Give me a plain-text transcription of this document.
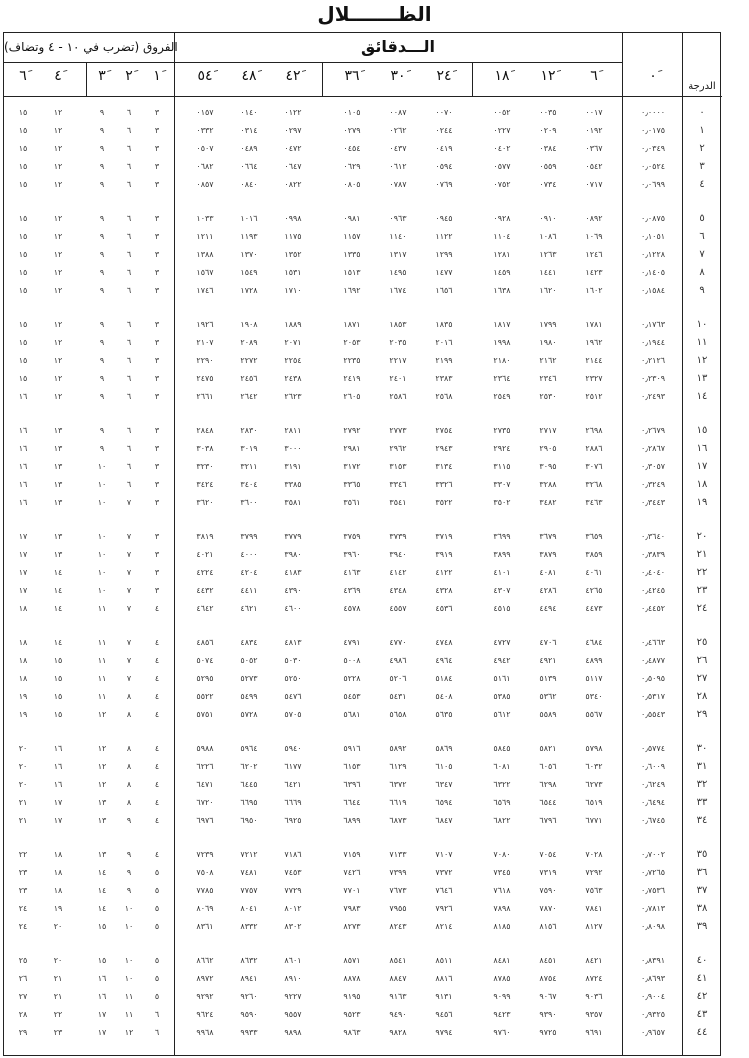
الظـــــــلال
الفروق (تضرب في ١٠ - ٤ وتضاف)	الـــدقائق
الدرجة
٦َ	٤َ	٣َ	٢َ	١َ	٥٤َ	٤٨َ	٤٢َ	٣٦َ	٣٠َ	٢٤َ	١٨َ	١٢َ	٦َ	٠َ
١٥	١٢	٩	٦	٣	٠١٥٧	٠١٤٠	٠١٢٢	٠١٠٥	٠٠٨٧	٠٠٧٠	٠٠٥٢	٠٠٣٥	٠٠١٧	٠٫٠٠٠٠	٠
١٥	١٢	٩	٦	٣	٠٣٣٢	٠٣١٤	٠٢٩٧	٠٢٧٩	٠٢٦٢	٠٢٤٤	٠٢٢٧	٠٢٠٩	٠١٩٢	٠٫٠١٧٥	١
١٥	١٢	٩	٦	٣	٠٥٠٧	٠٤٨٩	٠٤٧٢	٠٤٥٤	٠٤٣٧	٠٤١٩	٠٤٠٢	٠٣٨٤	٠٣٦٧	٠٫٠٣٤٩	٢
١٥	١٢	٩	٦	٣	٠٦٨٢	٠٦٦٤	٠٦٤٧	٠٦٢٩	٠٦١٢	٠٥٩٤	٠٥٧٧	٠٥٥٩	٠٥٤٢	٠٫٠٥٢٤	٣
١٥	١٢	٩	٦	٣	٠٨٥٧	٠٨٤٠	٠٨٢٢	٠٨٠٥	٠٧٨٧	٠٧٦٩	٠٧٥٢	٠٧٣٤	٠٧١٧	٠٫٠٦٩٩	٤
١٥	١٢	٩	٦	٣	١٠٣٣	١٠١٦	٠٩٩٨	٠٩٨١	٠٩٦٣	٠٩٤٥	٠٩٢٨	٠٩١٠	٠٨٩٢	٠٫٠٨٧٥	٥
١٥	١٢	٩	٦	٣	١٢١١	١١٩٣	١١٧٥	١١٥٧	١١٤٠	١١٢٢	١١٠٤	١٠٨٦	١٠٦٩	٠٫١٠٥١	٦
١٥	١٢	٩	٦	٣	١٣٨٨	١٣٧٠	١٣٥٢	١٣٣٥	١٣١٧	١٢٩٩	١٢٨١	١٢٦٣	١٢٤٦	٠٫١٢٢٨	٧
١٥	١٢	٩	٦	٣	١٥٦٧	١٥٤٩	١٥٣١	١٥١٣	١٤٩٥	١٤٧٧	١٤٥٩	١٤٤١	١٤٢٣	٠٫١٤٠٥	٨
١٥	١٢	٩	٦	٣	١٧٤٦	١٧٢٨	١٧١٠	١٦٩٢	١٦٧٤	١٦٥٦	١٦٣٨	١٦٢٠	١٦٠٢	٠٫١٥٨٤	٩
١٥	١٢	٩	٦	٣	١٩٢٦	١٩٠٨	١٨٨٩	١٨٧١	١٨٥٣	١٨٣٥	١٨١٧	١٧٩٩	١٧٨١	٠٫١٧٦٣	١٠
١٥	١٢	٩	٦	٣	٢١٠٧	٢٠٨٩	٢٠٧١	٢٠٥٣	٢٠٣٥	٢٠١٦	١٩٩٨	١٩٨٠	١٩٦٢	٠٫١٩٤٤	١١
١٥	١٢	٩	٦	٣	٢٢٩٠	٢٢٧٢	٢٢٥٤	٢٢٣٥	٢٢١٧	٢١٩٩	٢١٨٠	٢١٦٢	٢١٤٤	٠٫٢١٢٦	١٢
١٥	١٢	٩	٦	٣	٢٤٧٥	٢٤٥٦	٢٤٣٨	٢٤١٩	٢٤٠١	٢٣٨٣	٢٣٦٤	٢٣٤٦	٢٣٢٧	٠٫٢٣٠٩	١٣
١٦	١٢	٩	٦	٣	٢٦٦١	٢٦٤٢	٢٦٢٣	٢٦٠٥	٢٥٨٦	٢٥٦٨	٢٥٤٩	٢٥٣٠	٢٥١٢	٠٫٢٤٩٣	١٤
١٦	١٣	٩	٦	٣	٢٨٤٨	٢٨٣٠	٢٨١١	٢٧٩٢	٢٧٧٣	٢٧٥٤	٢٧٣٥	٢٧١٧	٢٦٩٨	٠٫٢٦٧٩	١٥
١٦	١٣	٩	٦	٣	٣٠٣٨	٣٠١٩	٣٠٠٠	٢٩٨١	٢٩٦٢	٢٩٤٣	٢٩٢٤	٢٩٠٥	٢٨٨٦	٠٫٢٨٦٧	١٦
١٦	١٣	١٠	٦	٣	٣٢٣٠	٣٢١١	٣١٩١	٣١٧٢	٣١٥٣	٣١٣٤	٣١١٥	٣٠٩٥	٣٠٧٦	٠٫٣٠٥٧	١٧
١٦	١٣	١٠	٦	٣	٣٤٢٤	٣٤٠٤	٣٣٨٥	٣٣٦٥	٣٣٤٦	٣٣٢٦	٣٣٠٧	٣٢٨٨	٣٢٦٨	٠٫٣٢٤٩	١٨
١٦	١٣	١٠	٧	٣	٣٦٢٠	٣٦٠٠	٣٥٨١	٣٥٦١	٣٥٤١	٣٥٢٢	٣٥٠٢	٣٤٨٢	٣٤٦٣	٠٫٣٤٤٣	١٩
١٧	١٣	١٠	٧	٣	٣٨١٩	٣٧٩٩	٣٧٧٩	٣٧٥٩	٣٧٣٩	٣٧١٩	٣٦٩٩	٣٦٧٩	٣٦٥٩	٠٫٣٦٤٠	٢٠
١٧	١٣	١٠	٧	٣	٤٠٢١	٤٠٠٠	٣٩٨٠	٣٩٦٠	٣٩٤٠	٣٩١٩	٣٨٩٩	٣٨٧٩	٣٨٥٩	٠٫٣٨٣٩	٢١
١٧	١٤	١٠	٧	٣	٤٢٢٤	٤٢٠٤	٤١٨٣	٤١٦٣	٤١٤٢	٤١٢٢	٤١٠١	٤٠٨١	٤٠٦١	٠٫٤٠٤٠	٢٢
١٧	١٤	١٠	٧	٣	٤٤٣٢	٤٤١١	٤٣٩٠	٤٣٦٩	٤٣٤٨	٤٣٢٨	٤٣٠٧	٤٢٨٦	٤٢٦٥	٠٫٤٢٤٥	٢٣
١٨	١٤	١١	٧	٤	٤٦٤٢	٤٦٢١	٤٦٠٠	٤٥٧٨	٤٥٥٧	٤٥٣٦	٤٥١٥	٤٤٩٤	٤٤٧٣	٠٫٤٤٥٢	٢٤
١٨	١٤	١١	٧	٤	٤٨٥٦	٤٨٣٤	٤٨١٣	٤٧٩١	٤٧٧٠	٤٧٤٨	٤٧٢٧	٤٧٠٦	٤٦٨٤	٠٫٤٦٦٣	٢٥
١٨	١٥	١١	٧	٤	٥٠٧٤	٥٠٥٢	٥٠٣٠	٥٠٠٨	٤٩٨٦	٤٩٦٤	٤٩٤٢	٤٩٢١	٤٨٩٩	٠٫٤٨٧٧	٢٦
١٨	١٥	١١	٧	٤	٥٢٩٥	٥٢٧٣	٥٢٥٠	٥٢٢٨	٥٢٠٦	٥١٨٤	٥١٦١	٥١٣٩	٥١١٧	٠٫٥٠٩٥	٢٧
١٩	١٥	١١	٨	٤	٥٥٢٢	٥٤٩٩	٥٤٧٦	٥٤٥٣	٥٤٣١	٥٤٠٨	٥٣٨٥	٥٣٦٢	٥٣٤٠	٠٫٥٣١٧	٢٨
١٩	١٥	١٢	٨	٤	٥٧٥١	٥٧٢٨	٥٧٠٥	٥٦٨١	٥٦٥٨	٥٦٣٥	٥٦١٢	٥٥٨٩	٥٥٦٧	٠٫٥٥٤٣	٢٩
٢٠	١٦	١٢	٨	٤	٥٩٨٨	٥٩٦٤	٥٩٤٠	٥٩١٦	٥٨٩٢	٥٨٦٩	٥٨٤٥	٥٨٢١	٥٧٩٨	٠٫٥٧٧٤	٣٠
٢٠	١٦	١٢	٨	٤	٦٢٢٦	٦٢٠٢	٦١٧٧	٦١٥٣	٦١٢٩	٦١٠٥	٦٠٨١	٦٠٥٦	٦٠٣٢	٠٫٦٠٠٩	٣١
٢٠	١٦	١٢	٨	٤	٦٤٧١	٦٤٤٥	٦٤٢١	٦٣٩٦	٦٣٧٢	٦٣٤٧	٦٣٢٢	٦٢٩٨	٦٢٧٣	٠٫٦٢٤٩	٣٢
٢١	١٧	١٣	٨	٤	٦٧٢٠	٦٦٩٥	٦٦٦٩	٦٦٤٤	٦٦١٩	٦٥٩٤	٦٥٦٩	٦٥٤٤	٦٥١٩	٠٫٦٤٩٤	٣٣
٢١	١٧	١٣	٩	٤	٦٩٧٦	٦٩٥٠	٦٩٢٥	٦٨٩٩	٦٨٧٣	٦٨٤٧	٦٨٢٢	٦٧٩٦	٦٧٧١	٠٫٦٧٤٥	٣٤
٢٢	١٨	١٣	٩	٤	٧٢٣٩	٧٢١٢	٧١٨٦	٧١٥٩	٧١٣٣	٧١٠٧	٧٠٨٠	٧٠٥٤	٧٠٢٨	٠٫٧٠٠٢	٣٥
٢٣	١٨	١٤	٩	٥	٧٥٠٨	٧٤٨١	٧٤٥٣	٧٤٢٦	٧٣٩٩	٧٣٧٢	٧٣٤٥	٧٣١٩	٧٢٩٢	٠٫٧٢٦٥	٣٦
٢٣	١٨	١٤	٩	٥	٧٧٨٥	٧٧٥٧	٧٧٢٩	٧٧٠١	٧٦٧٣	٧٦٤٦	٧٦١٨	٧٥٩٠	٧٥٦٣	٠٫٧٥٣٦	٣٧
٢٤	١٩	١٤	١٠	٥	٨٠٦٩	٨٠٤١	٨٠١٢	٧٩٨٣	٧٩٥٥	٧٩٢٦	٧٨٩٨	٧٨٧٠	٧٨٤١	٠٫٧٨١٣	٣٨
٢٤	٢٠	١٥	١٠	٥	٨٣٦١	٨٣٣٢	٨٣٠٢	٨٢٧٣	٨٢٤٣	٨٢١٤	٨١٨٥	٨١٥٦	٨١٢٧	٠٫٨٠٩٨	٣٩
٢٥	٢٠	١٥	١٠	٥	٨٦٦٢	٨٦٣٢	٨٦٠١	٨٥٧١	٨٥٤١	٨٥١١	٨٤٨١	٨٤٥١	٨٤٢١	٠٫٨٣٩١	٤٠
٢٦	٢١	١٦	١٠	٥	٨٩٧٢	٨٩٤١	٨٩١٠	٨٨٧٨	٨٨٤٧	٨٨١٦	٨٧٨٥	٨٧٥٤	٨٧٢٤	٠٫٨٦٩٣	٤١
٢٧	٢١	١٦	١١	٥	٩٢٩٢	٩٢٦٠	٩٢٢٧	٩١٩٥	٩١٦٣	٩١٣١	٩٠٩٩	٩٠٦٧	٩٠٣٦	٠٫٩٠٠٤	٤٢
٢٨	٢٢	١٧	١١	٦	٩٦٢٤	٩٥٩٠	٩٥٥٧	٩٥٢٣	٩٤٩٠	٩٤٥٦	٩٤٢٣	٩٣٩٠	٩٣٥٧	٠٫٩٣٢٥	٤٣
٢٩	٢٣	١٧	١٢	٦	٩٩٦٨	٩٩٣٣	٩٨٩٨	٩٨٦٣	٩٨٢٨	٩٧٩٤	٩٧٦٠	٩٧٢٥	٩٦٩١	٠٫٩٦٥٧	٤٤
